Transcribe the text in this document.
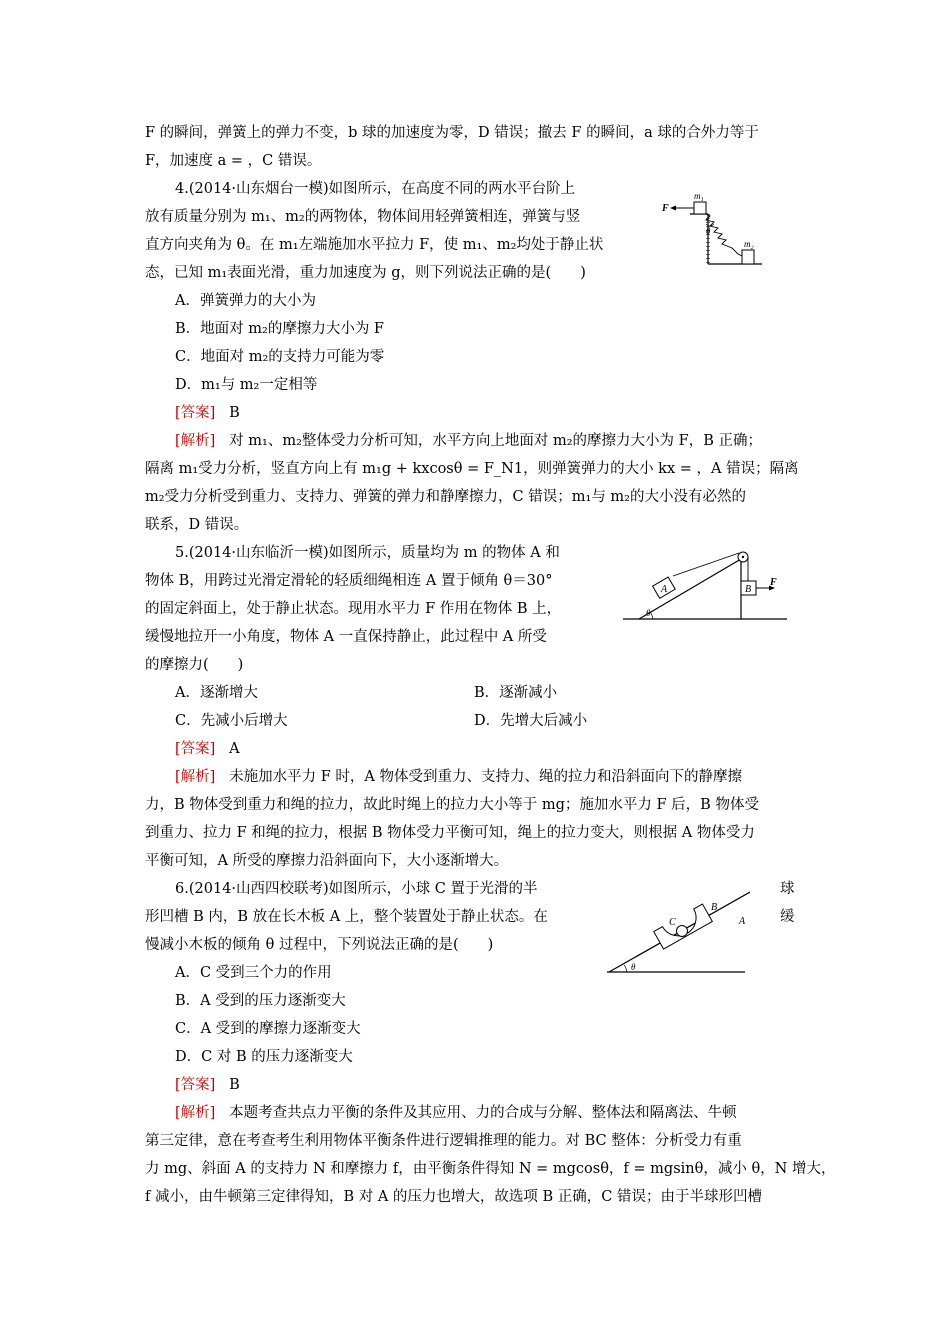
F 的瞬间，弹簧上的弹力不变，b 球的加速度为零，D 错误；撤去 F 的瞬间，a 球的合外力等于
F，加速度 a = ，C 错误。
4.(2014·山东烟台一模)如图所示，在高度不同的两水平台阶上
放有质量分别为 m₁、m₂的两物体，物体间用轻弹簧相连，弹簧与竖
直方向夹角为 θ。在 m₁左端施加水平拉力 F，使 m₁、m₂均处于静止状
态，已知 m₁表面光滑，重力加速度为 g，则下列说法正确的是(　　)
A．弹簧弹力的大小为
B．地面对 m₂的摩擦力大小为 F
C．地面对 m₂的支持力可能为零
D．m₁与 m₂一定相等
[答案] B
[解析] 对 m₁、m₂整体受力分析可知，水平方向上地面对 m₂的摩擦力大小为 F，B 正确；
隔离 m₁受力分析，竖直方向上有 m₁g + kxcosθ = F_N1，则弹簧弹力的大小 kx = ，A 错误；隔离
m₂受力分析受到重力、支持力、弹簧的弹力和静摩擦力，C 错误；m₁与 m₂的大小没有必然的
联系，D 错误。
F
m₁
m₂
θ
5.(2014·山东临沂一模)如图所示，质量均为 m 的物体 A 和
物体 B，用跨过光滑定滑轮的轻质细绳相连 A 置于倾角 θ＝30°
的固定斜面上，处于静止状态。现用水平力 F 作用在物体 B 上，
缓慢地拉开一小角度，物体 A 一直保持静止，此过程中 A 所受
的摩擦力(　　)
A．逐渐增大	B．逐渐减小
C．先减小后增大	D．先增大后减小
[答案] A
[解析] 未施加水平力 F 时，A 物体受到重力、支持力、绳的拉力和沿斜面向下的静摩擦
力，B 物体受到重力和绳的拉力，故此时绳上的拉力大小等于 mg；施加水平力 F 后，B 物体受
到重力、拉力 F 和绳的拉力，根据 B 物体受力平衡可知，绳上的拉力变大，则根据 A 物体受力
平衡可知，A 所受的摩擦力沿斜面向下，大小逐渐增大。
A	B
F
θ
6.(2014·山西四校联考)如图所示，小球 C 置于光滑的半
形凹槽 B 内，B 放在长木板 A 上，整个装置处于静止状态。在
慢减小木板的倾角 θ 过程中，下列说法正确的是(　　)
球
缓
A．C 受到三个力的作用
B．A 受到的压力逐渐变大
C．A 受到的摩擦力逐渐变大
D．C 对 B 的压力逐渐变大
[答案] B
[解析] 本题考查共点力平衡的条件及其应用、力的合成与分解、整体法和隔离法、牛顿
第三定律，意在考查考生利用物体平衡条件进行逻辑推理的能力。对 BC 整体：分析受力有重
力 mg、斜面 A 的支持力 N 和摩擦力 f，由平衡条件得知 N = mgcosθ，f = mgsinθ，减小 θ，N 增大，
f 减小，由牛顿第三定律得知，B 对 A 的压力也增大，故选项 B 正确，C 错误；由于半球形凹槽
C
B
A
θ
